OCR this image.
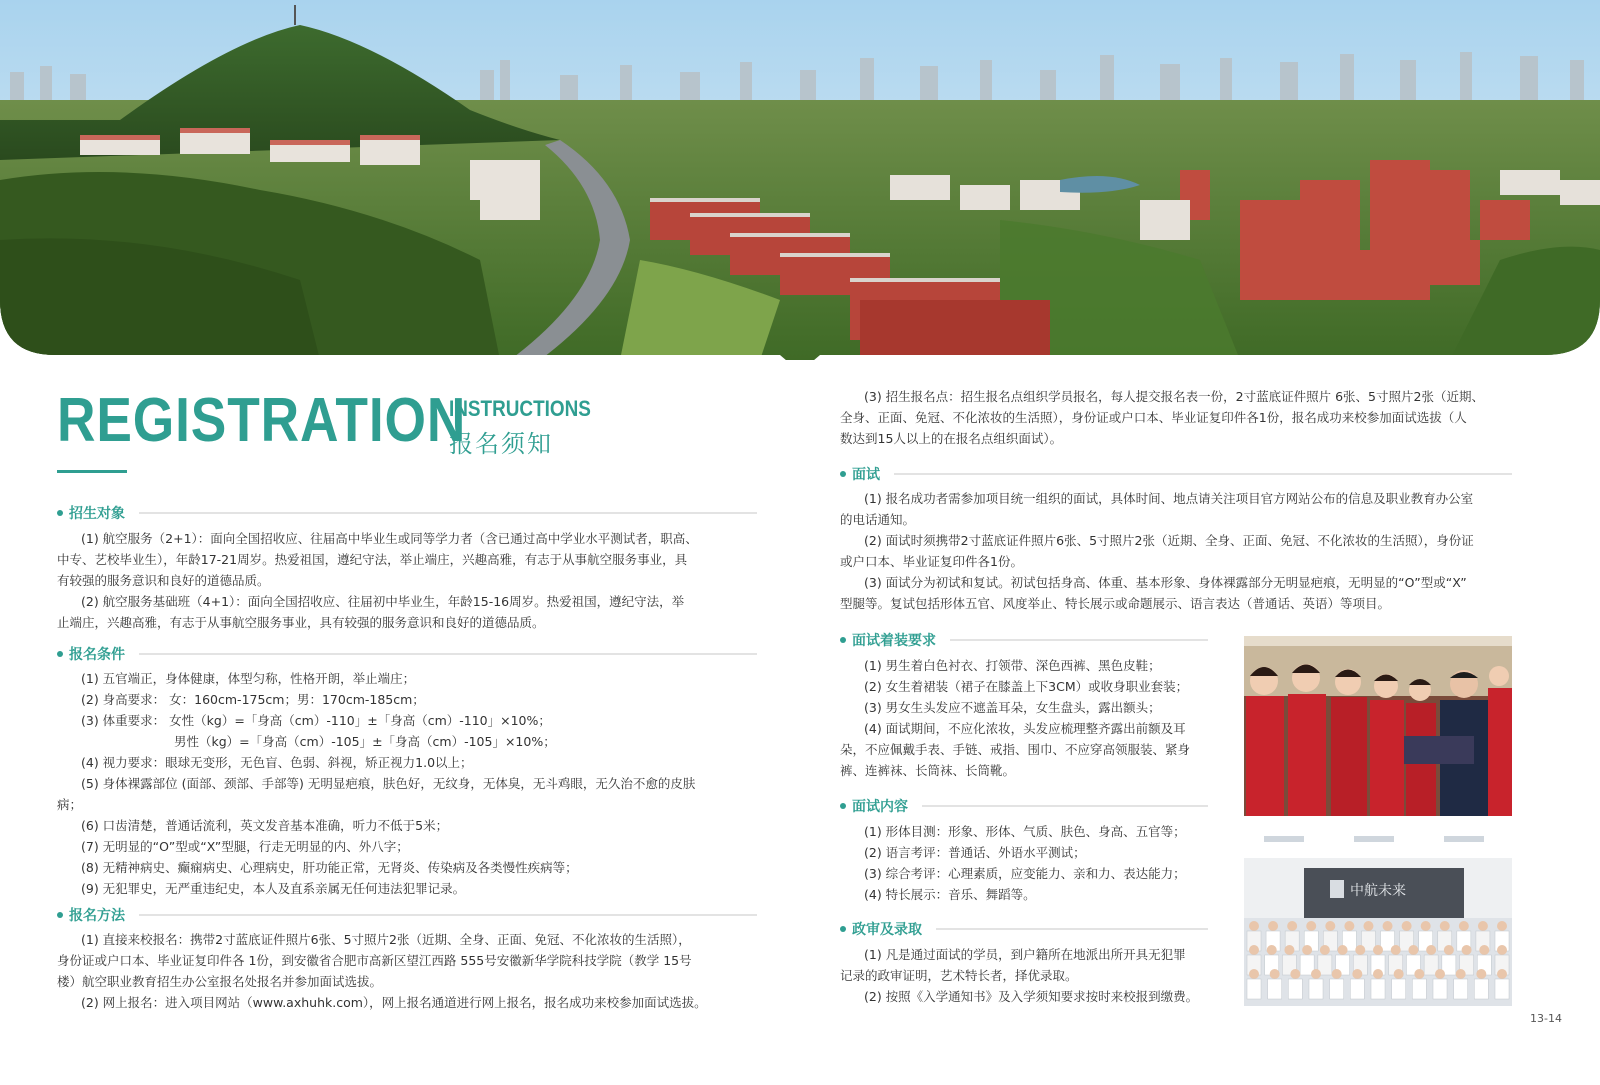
REGISTRATION
INSTRUCTIONS
报名须知
招生对象
(1) 航空服务（2+1）：面向全国招收应、往届高中毕业生或同等学力者（含已通过高中学业水平测试者，职高、
中专、艺校毕业生），年龄17-21周岁。热爱祖国，遵纪守法，举止端庄，兴趣高雅，有志于从事航空服务事业，具
有较强的服务意识和良好的道德品质。
(2) 航空服务基础班（4+1）：面向全国招收应、往届初中毕业生，年龄15-16周岁。热爱祖国，遵纪守法，举
止端庄，兴趣高雅，有志于从事航空服务事业，具有较强的服务意识和良好的道德品质。
报名条件
(1) 五官端正，身体健康，体型匀称，性格开朗，举止端庄；
(2) 身高要求： 女：160cm-175cm；男：170cm-185cm；
(3) 体重要求： 女性（kg）=「身高（cm）-110」±「身高（cm）-110」×10%；
男性（kg）=「身高（cm）-105」±「身高（cm）-105」×10%；
(4) 视力要求：眼球无变形，无色盲、色弱、斜视，矫正视力1.0以上；
(5) 身体裸露部位 (面部、颈部、手部等) 无明显疤痕，肤色好，无纹身，无体臭，无斗鸡眼，无久治不愈的皮肤
病；
(6) 口齿清楚，普通话流利，英文发音基本准确，听力不低于5米；
(7) 无明显的“O”型或“X”型腿，行走无明显的内、外八字；
(8) 无精神病史、癫痫病史、心理病史，肝功能正常，无肾炎、传染病及各类慢性疾病等；
(9) 无犯罪史，无严重违纪史，本人及直系亲属无任何违法犯罪记录。
报名方法
(1) 直接来校报名：携带2寸蓝底证件照片6张、5寸照片2张（近期、全身、正面、免冠、不化浓妆的生活照），
身份证或户口本、毕业证复印件各 1份，到安徽省合肥市高新区望江西路 555号安徽新华学院科技学院（教学 15号
楼）航空职业教育招生办公室报名处报名并参加面试选拔。
(2) 网上报名：进入项目网站（www.axhuhk.com），网上报名通道进行网上报名，报名成功来校参加面试选拔。
(3) 招生报名点：招生报名点组织学员报名，每人提交报名表一份，2寸蓝底证件照片 6张、5寸照片2张（近期、
全身、正面、免冠、不化浓妆的生活照），身份证或户口本、毕业证复印件各1份，报名成功来校参加面试选拔（人
数达到15人以上的在报名点组织面试）。
面试
(1) 报名成功者需参加项目统一组织的面试，具体时间、地点请关注项目官方网站公布的信息及职业教育办公室
的电话通知。
(2) 面试时须携带2寸蓝底证件照片6张、5寸照片2张（近期、全身、正面、免冠、不化浓妆的生活照），身份证
或户口本、毕业证复印件各1份。
(3) 面试分为初试和复试。初试包括身高、体重、基本形象、身体裸露部分无明显疤痕，无明显的“O”型或“X”
型腿等。复试包括形体五官、风度举止、特长展示或命题展示、语言表达（普通话、英语）等项目。
面试着装要求
(1) 男生着白色衬衣、打领带、深色西裤、黑色皮鞋；
(2) 女生着裙装（裙子在膝盖上下3CM）或收身职业套装；
(3) 男女生头发应不遮盖耳朵，女生盘头，露出额头；
(4) 面试期间，不应化浓妆，头发应梳理整齐露出前额及耳
朵，不应佩戴手表、手链、戒指、围巾、不应穿高领服装、紧身
裤、连裤袜、长筒袜、长筒靴。
面试内容
(1) 形体目测：形象、形体、气质、肤色、身高、五官等；
(2) 语言考评：普通话、外语水平测试；
(3) 综合考评：心理素质，应变能力、亲和力、表达能力；
(4) 特长展示：音乐、舞蹈等。
政审及录取
(1) 凡是通过面试的学员，到户籍所在地派出所开具无犯罪
记录的政审证明，艺术特长者，择优录取。
(2) 按照《入学通知书》及入学须知要求按时来校报到缴费。
中航未来
13-14
